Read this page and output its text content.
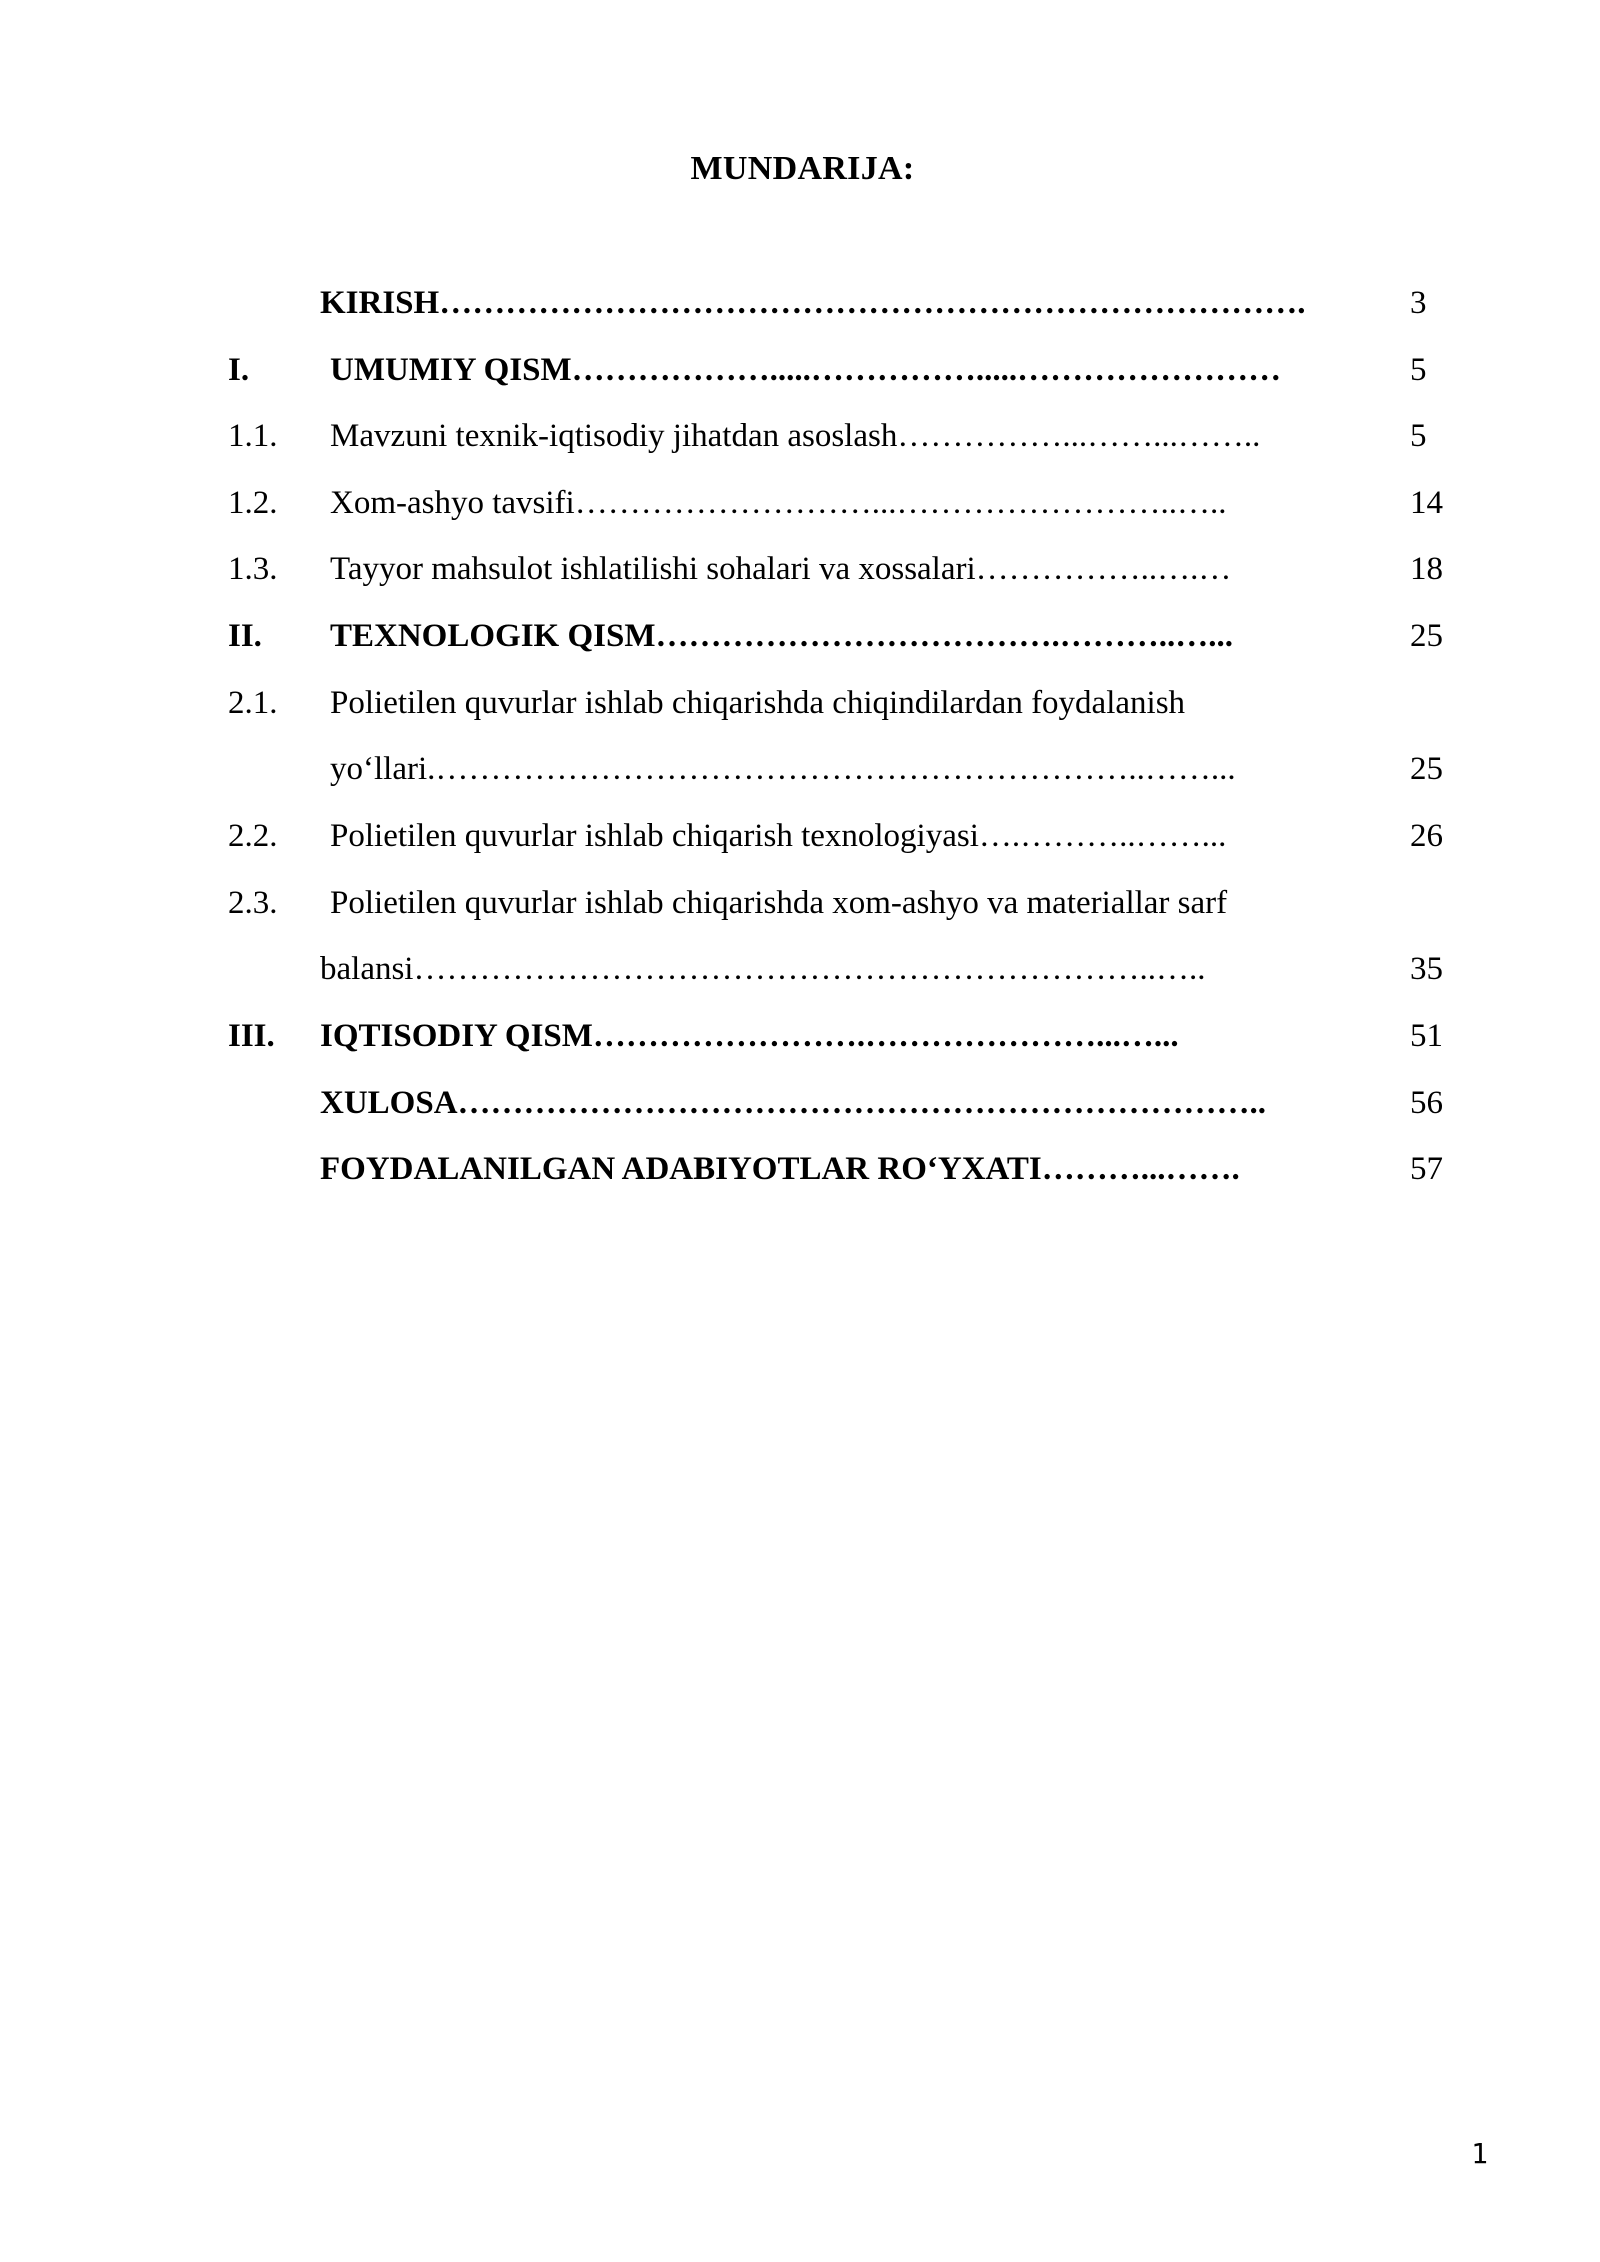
MUNDARIJA:
KIRISH…………………………………………………………………….	3
I. UMUMIY QISM……………….....…………….....……………………	5
1.1. Mavzuni texnik-iqtisodiy jihatdan asoslash……………...……...……..	5
1.2. Xom-ashyo tavsifi………………………...……………………..…..	14
1.3. Tayyor mahsulot ishlatilishi sohalari va xossalari……………..….…	18
II. TEXNOLOGIK QISM……………………………….………..…...	25
2.1. Polietilen quvurlar ishlab chiqarishda chiqindilardan foydalanish
yo‘llari.………………………………………………………..……...	25
2.2. Polietilen quvurlar ishlab chiqarish texnologiyasi….………..……...	26
2.3. Polietilen quvurlar ishlab chiqarishda xom-ashyo va materiallar sarf
balansi…………………………………………………………..…..	35
III. IQTISODIY QISM…………………….…………………...…...	51
XULOSA………………………………………………………………..	56
FOYDALANILGAN ADABIYOTLAR RO‘YXATI………...…….	57
1
